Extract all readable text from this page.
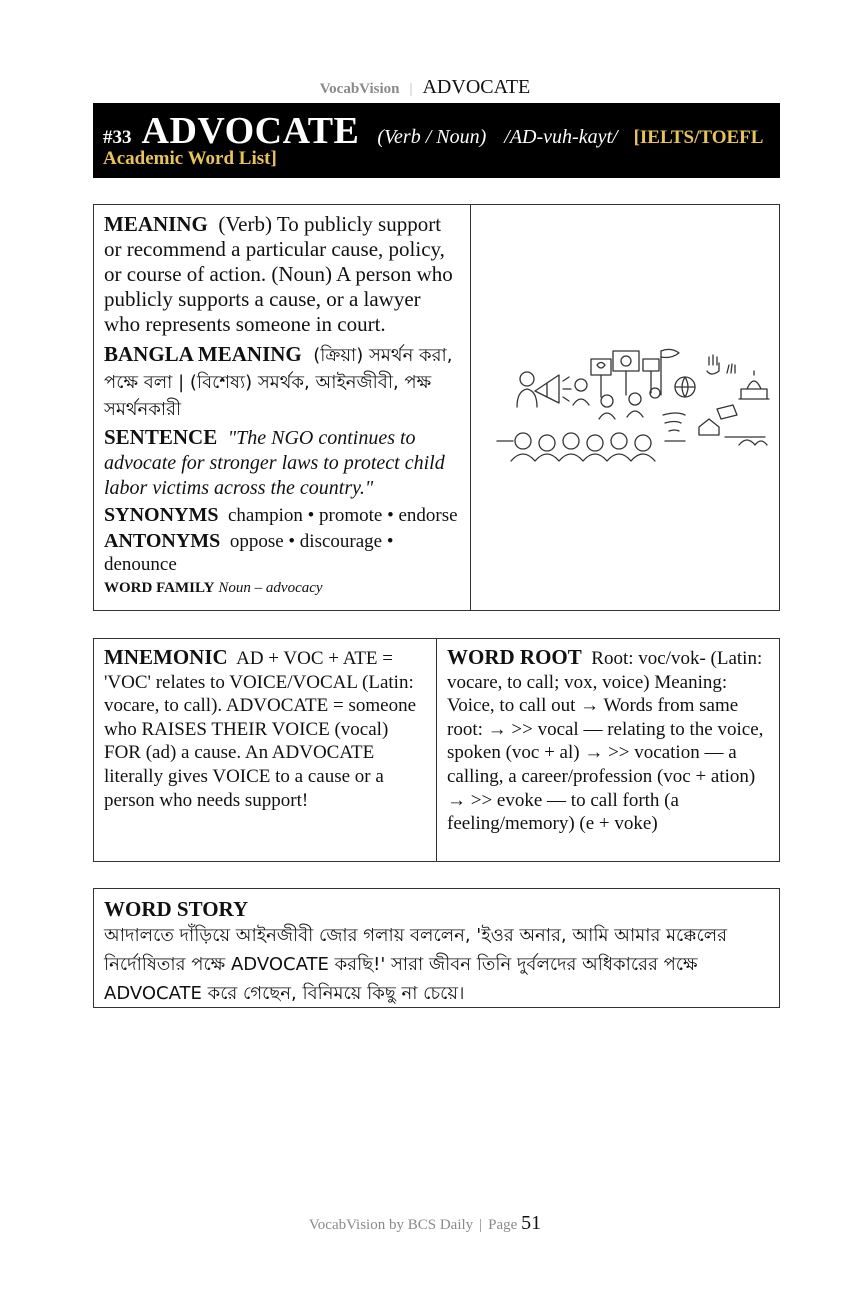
VocabVision | ADVOCATE
#33 ADVOCATE (Verb / Noun) /AD-vuh-kayt/ [IELTS/TOEFL
Academic Word List]

MEANING (Verb) To publicly support or recommend a particular cause, policy, or course of action. (Noun) A person who publicly supports a cause, or a lawyer who represents someone in court.

BANGLA MEANING (ক্রিয়া) সমর্থন করা, পক্ষে বলা | (বিশেষ্য) সমর্থক, আইনজীবী, পক্ষ সমর্থনকারী

SENTENCE "The NGO continues to advocate for stronger laws to protect child labor victims across the country."

SYNONYMS champion • promote • endorse

ANTONYMS oppose • discourage • denounce

WORD FAMILY Noun – advocacy

MNEMONIC AD + VOC + ATE = 'VOC' relates to VOICE/VOCAL (Latin: vocare, to call). ADVOCATE = someone who RAISES THEIR VOICE (vocal) FOR (ad) a cause. An ADVOCATE literally gives VOICE to a cause or a person who needs support!
WORD ROOT Root: voc/vok- (Latin: vocare, to call; vox, voice) Meaning: Voice, to call out → Words from same root: → >> vocal — relating to the voice, spoken (voc + al) → >> vocation — a calling, a career/profession (voc + ation) → >> evoke — to call forth (a feeling/memory) (e + voke)
WORD STORY
আদালতে দাঁড়িয়ে আইনজীবী জোর গলায় বললেন, 'ইওর অনার, আমি আমার মক্কেলের নির্দোষিতার পক্ষে ADVOCATE করছি!' সারা জীবন তিনি দুর্বলদের অধিকারের পক্ষে ADVOCATE করে গেছেন, বিনিময়ে কিছু না চেয়ে।
VocabVision by BCS Daily | Page 51
